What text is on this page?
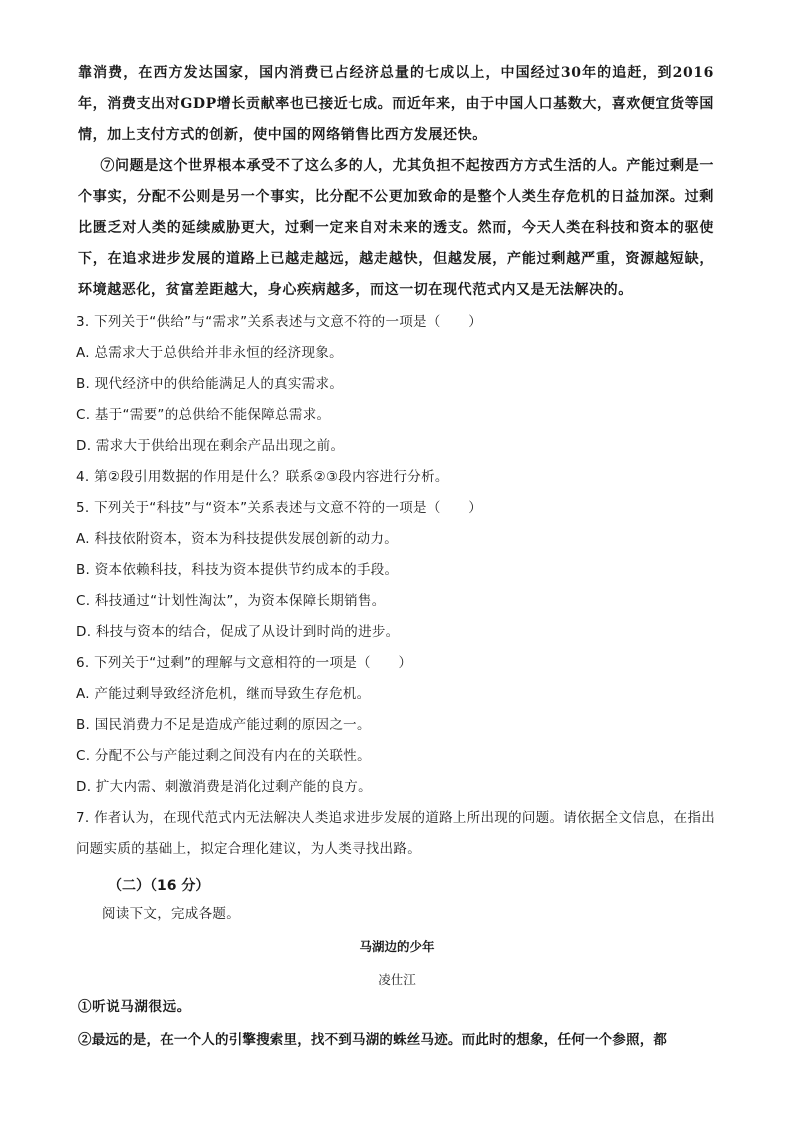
靠消费，在西方发达国家，国内消费已占经济总量的七成以上，中国经过30年的追赶，到2016年，消费支出对GDP增长贡献率也已接近七成。而近年来，由于中国人口基数大，喜欢便宜货等国情，加上支付方式的创新，使中国的网络销售比西方发展还快。

⑦问题是这个世界根本承受不了这么多的人，尤其负担不起按西方方式生活的人。产能过剩是一个事实，分配不公则是另一个事实，比分配不公更加致命的是整个人类生存危机的日益加深。过剩比匮乏对人类的延续威胁更大，过剩一定来自对未来的透支。然而，今天人类在科技和资本的驱使下，在追求进步发展的道路上已越走越远，越走越快，但越发展，产能过剩越严重，资源越短缺，环境越恶化，贫富差距越大，身心疾病越多，而这一切在现代范式内又是无法解决的。

3. 下列关于“供给”与“需求”关系表述与文意不符的一项是（　　）
A. 总需求大于总供给并非永恒的经济现象。
B. 现代经济中的供给能满足人的真实需求。
C. 基于“需要”的总供给不能保障总需求。
D. 需求大于供给出现在剩余产品出现之前。
4. 第②段引用数据的作用是什么？联系②③段内容进行分析。
5. 下列关于“科技”与“资本”关系表述与文意不符的一项是（　　）
A. 科技依附资本，资本为科技提供发展创新的动力。
B. 资本依赖科技，科技为资本提供节约成本的手段。
C. 科技通过“计划性淘汰”，为资本保障长期销售。
D. 科技与资本的结合，促成了从设计到时尚的进步。
6. 下列关于“过剩”的理解与文意相符的一项是（　　）
A. 产能过剩导致经济危机，继而导致生存危机。
B. 国民消费力不足是造成产能过剩的原因之一。
C. 分配不公与产能过剩之间没有内在的关联性。
D. 扩大内需、刺激消费是消化过剩产能的良方。
7. 作者认为，在现代范式内无法解决人类追求进步发展的道路上所出现的问题。请依据全文信息，在指出问题实质的基础上，拟定合理化建议，为人类寻找出路。
（二）（16 分）
阅读下文，完成各题。
马湖边的少年
凌仕江

①听说马湖很远。

②最远的是，在一个人的引擎搜索里，找不到马湖的蛛丝马迹。而此时的想象，任何一个参照，都
